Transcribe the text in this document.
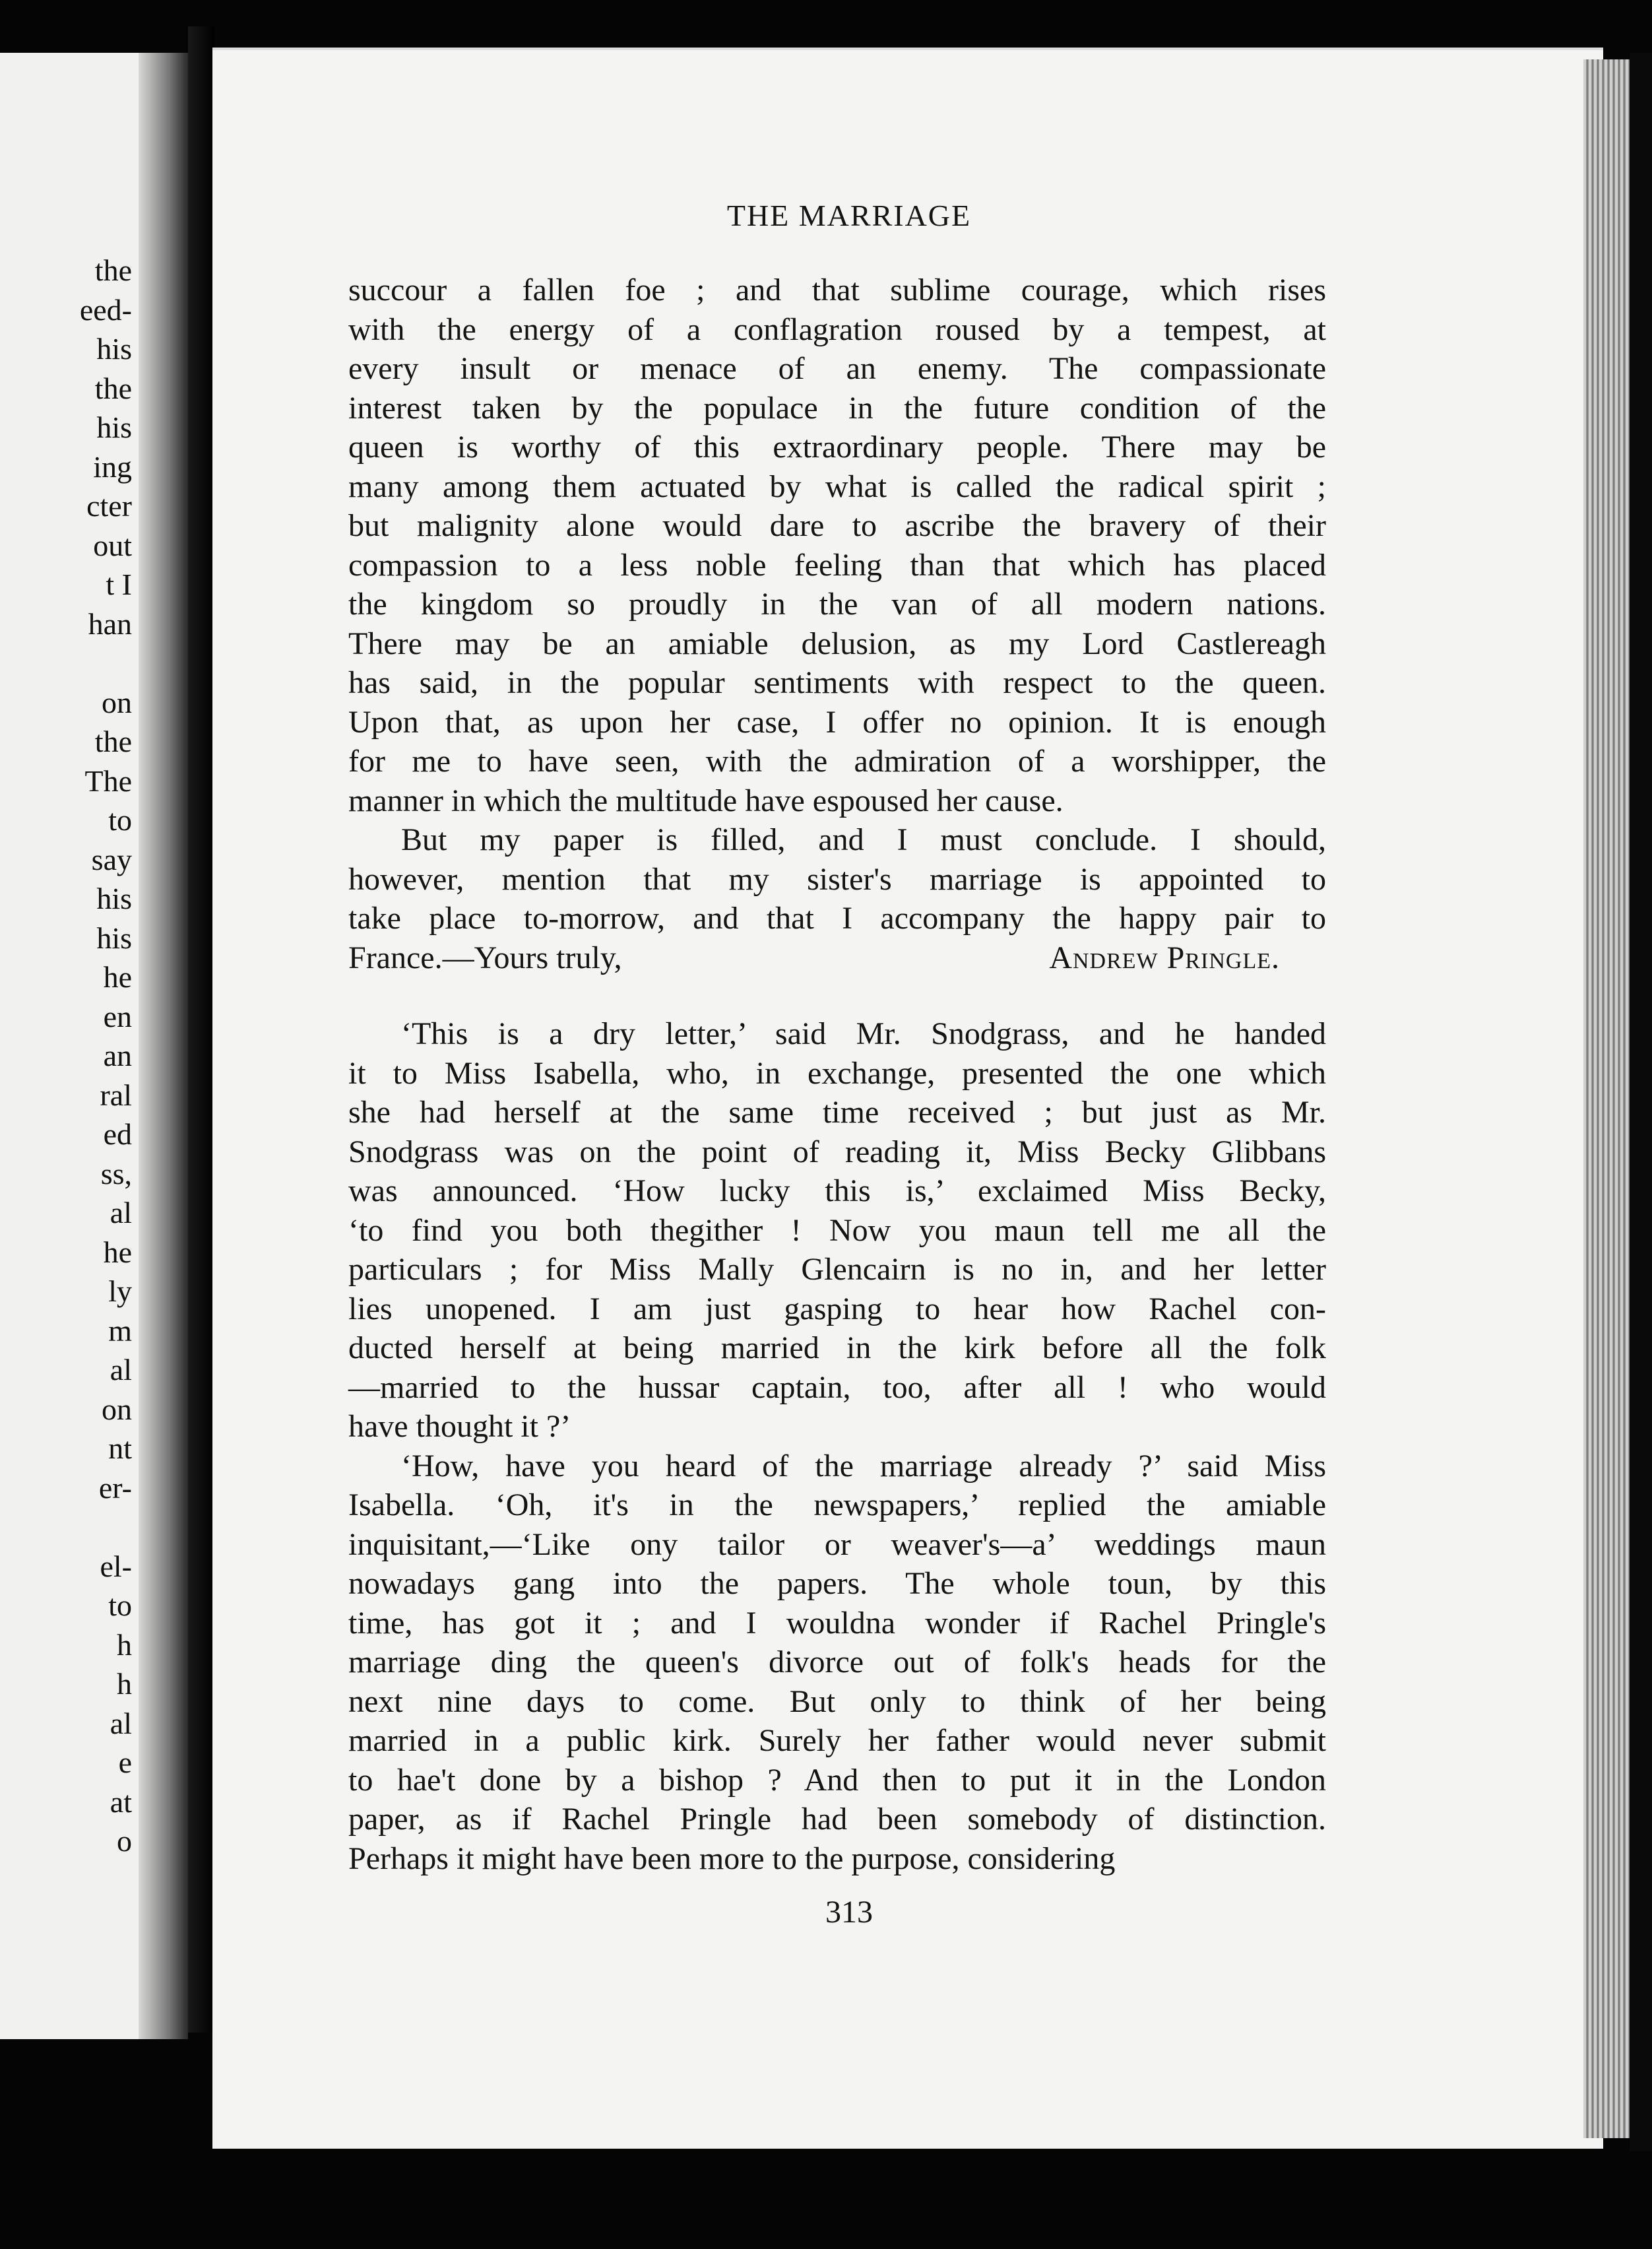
the
eed-
his
the
his
ing
cter
out
t I
han
on
the
The
to
say
his
his
he
en
an
ral
ed
ss,
al
he
ly
m
al
on
nt
er-
el-
to
h
h
al
e
at
o
THE MARRIAGE
succour a fallen foe ; and that sublime courage, which rises
with the energy of a conflagration roused by a tempest, at
every insult or menace of an enemy. The compassionate
interest taken by the populace in the future condition of the
queen is worthy of this extraordinary people. There may be
many among them actuated by what is called the radical spirit ;
but malignity alone would dare to ascribe the bravery of their
compassion to a less noble feeling than that which has placed
the kingdom so proudly in the van of all modern nations.
There may be an amiable delusion, as my Lord Castlereagh
has said, in the popular sentiments with respect to the queen.
Upon that, as upon her case, I offer no opinion. It is enough
for me to have seen, with the admiration of a worshipper, the
manner in which the multitude have espoused her cause.
But my paper is filled, and I must conclude. I should,
however, mention that my sister's marriage is appointed to
take place to-morrow, and that I accompany the happy pair to
France.—Yours truly,	Andrew Pringle.
‘This is a dry letter,’ said Mr. Snodgrass, and he handed
it to Miss Isabella, who, in exchange, presented the one which
she had herself at the same time received ; but just as Mr.
Snodgrass was on the point of reading it, Miss Becky Glibbans
was announced. ‘How lucky this is,’ exclaimed Miss Becky,
‘to find you both thegither ! Now you maun tell me all the
particulars ; for Miss Mally Glencairn is no in, and her letter
lies unopened. I am just gasping to hear how Rachel con-
ducted herself at being married in the kirk before all the folk
—married to the hussar captain, too, after all ! who would
have thought it ?’
‘How, have you heard of the marriage already ?’ said Miss
Isabella. ‘Oh, it's in the newspapers,’ replied the amiable
inquisitant,—‘Like ony tailor or weaver's—a’ weddings maun
nowadays gang into the papers. The whole toun, by this
time, has got it ; and I wouldna wonder if Rachel Pringle's
marriage ding the queen's divorce out of folk's heads for the
next nine days to come. But only to think of her being
married in a public kirk. Surely her father would never submit
to hae't done by a bishop ? And then to put it in the London
paper, as if Rachel Pringle had been somebody of distinction.
Perhaps it might have been more to the purpose, considering
313
